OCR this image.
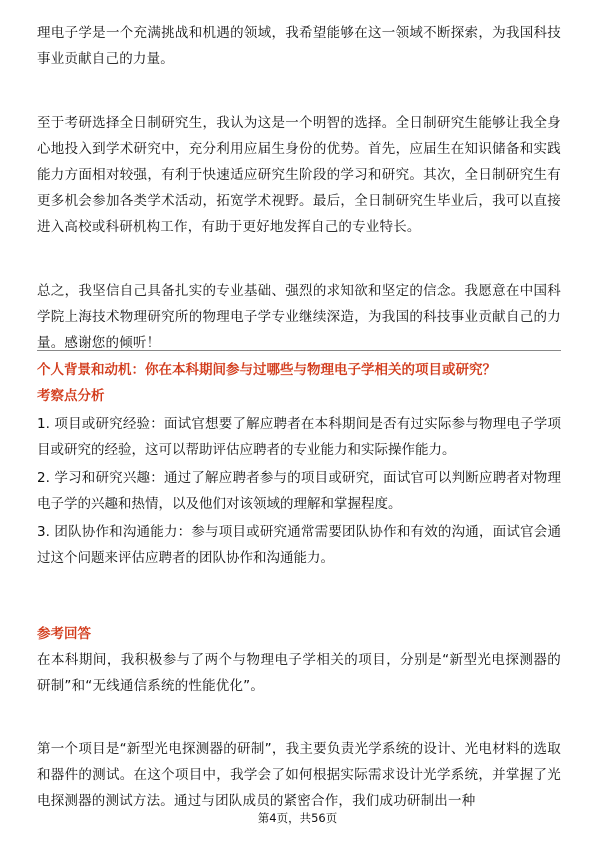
理电子学是一个充满挑战和机遇的领域，我希望能够在这一领域不断探索，为我国科技事业贡献自己的力量。

至于考研选择全日制研究生，我认为这是一个明智的选择。全日制研究生能够让我全身心地投入到学术研究中，充分利用应届生身份的优势。首先，应届生在知识储备和实践能力方面相对较强，有利于快速适应研究生阶段的学习和研究。其次，全日制研究生有更多机会参加各类学术活动，拓宽学术视野。最后，全日制研究生毕业后，我可以直接进入高校或科研机构工作，有助于更好地发挥自己的专业特长。

总之，我坚信自己具备扎实的专业基础、强烈的求知欲和坚定的信念。我愿意在中国科学院上海技术物理研究所的物理电子学专业继续深造，为我国的科技事业贡献自己的力量。感谢您的倾听！

个人背景和动机：你在本科期间参与过哪些与物理电子学相关的项目或研究？

考察点分析

1. 项目或研究经验：面试官想要了解应聘者在本科期间是否有过实际参与物理电子学项目或研究的经验，这可以帮助评估应聘者的专业能力和实际操作能力。

2. 学习和研究兴趣：通过了解应聘者参与的项目或研究，面试官可以判断应聘者对物理电子学的兴趣和热情，以及他们对该领域的理解和掌握程度。

3. 团队协作和沟通能力：参与项目或研究通常需要团队协作和有效的沟通，面试官会通过这个问题来评估应聘者的团队协作和沟通能力。

参考回答

在本科期间，我积极参与了两个与物理电子学相关的项目，分别是“新型光电探测器的研制”和“无线通信系统的性能优化”。

第一个项目是“新型光电探测器的研制”，我主要负责光学系统的设计、光电材料的选取和器件的测试。在这个项目中，我学会了如何根据实际需求设计光学系统，并掌握了光电探测器的测试方法。通过与团队成员的紧密合作，我们成功研制出一种

第4页，共56页
